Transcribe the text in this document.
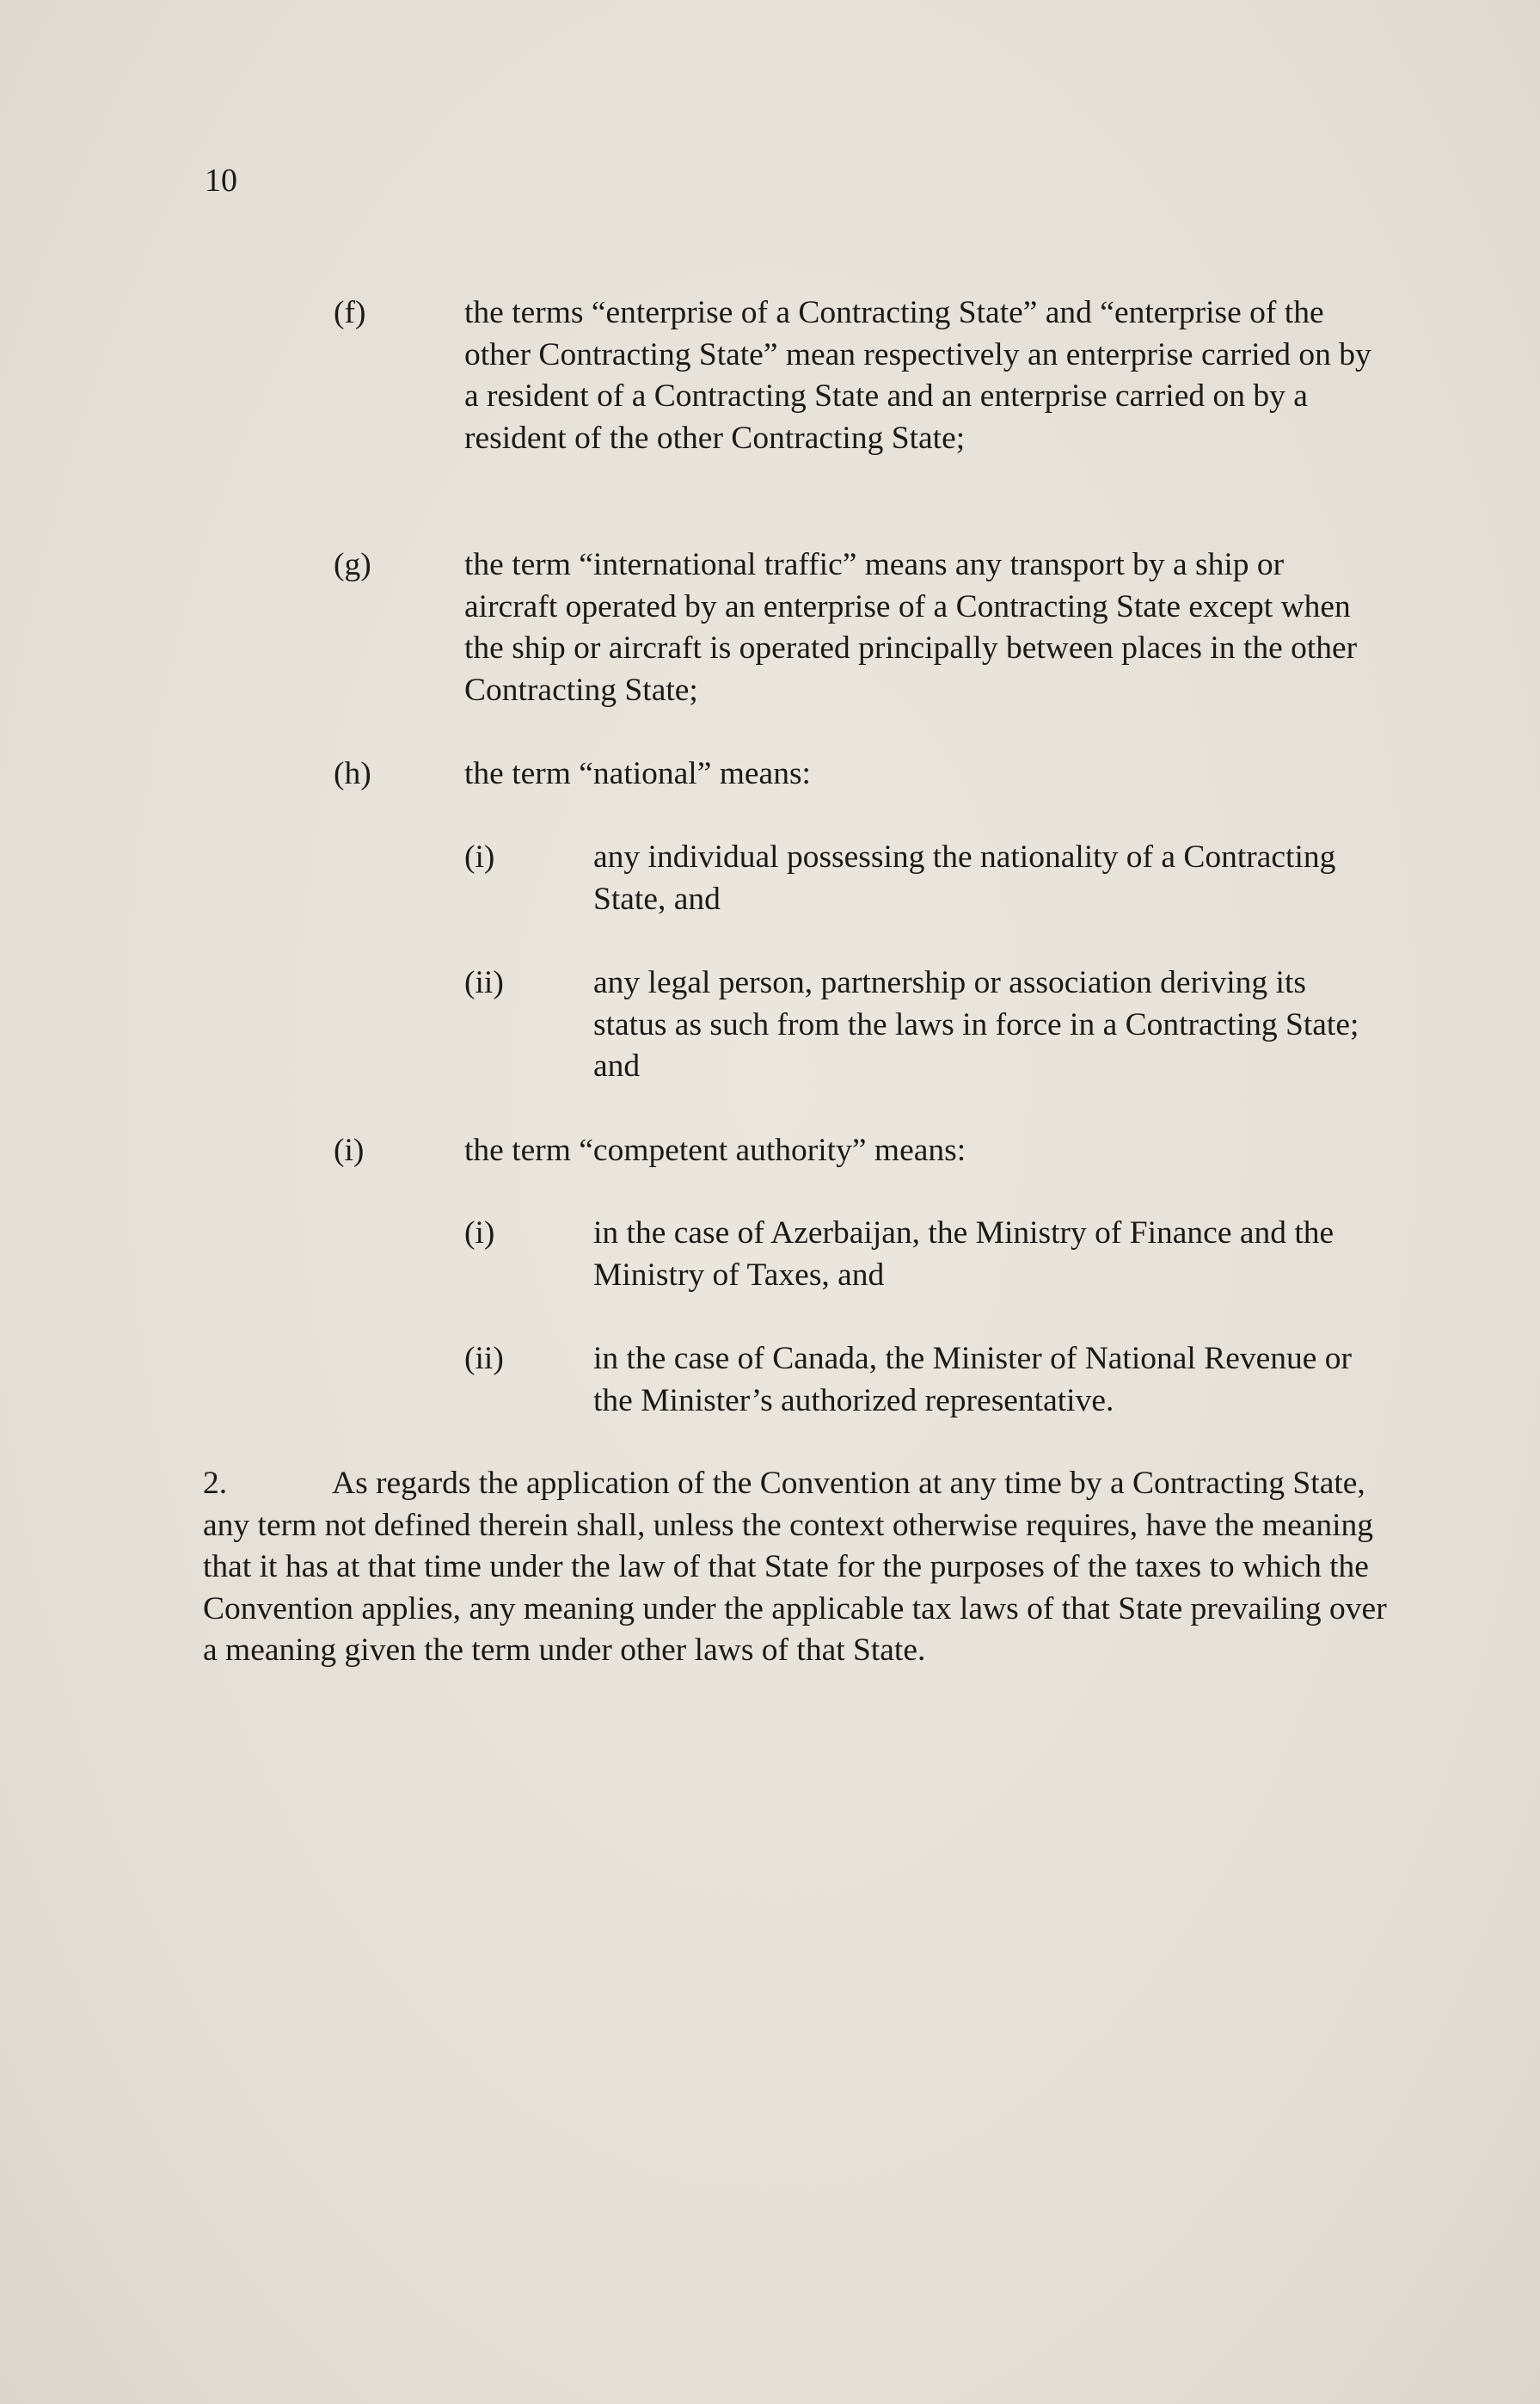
10
(f)	the terms “enterprise of a Contracting State” and “enterprise of the other Contracting State” mean respectively an enterprise carried on by a resident of a Contracting State and an enterprise carried on by a resident of the other Contracting State;
(g)	the term “international traffic” means any transport by a ship or aircraft operated by an enterprise of a Contracting State except when the ship or aircraft is operated principally between places in the other Contracting State;
(h)	the term “national” means:
(i)	any individual possessing the nationality of a Contracting State, and
(ii)	any legal person, partnership or association deriving its status as such from the laws in force in a Contracting State; and
(i)	the term “competent authority” means:
(i)	in the case of Azerbaijan, the Ministry of Finance and the Ministry of Taxes, and
(ii)	in the case of Canada, the Minister of National Revenue or the Minister’s authorized representative.
2.	As regards the application of the Convention at any time by a Contracting State, any term not defined therein shall, unless the context otherwise requires, have the meaning that it has at that time under the law of that State for the purposes of the taxes to which the Convention applies, any meaning under the applicable tax laws of that State prevailing over a meaning given the term under other laws of that State.
